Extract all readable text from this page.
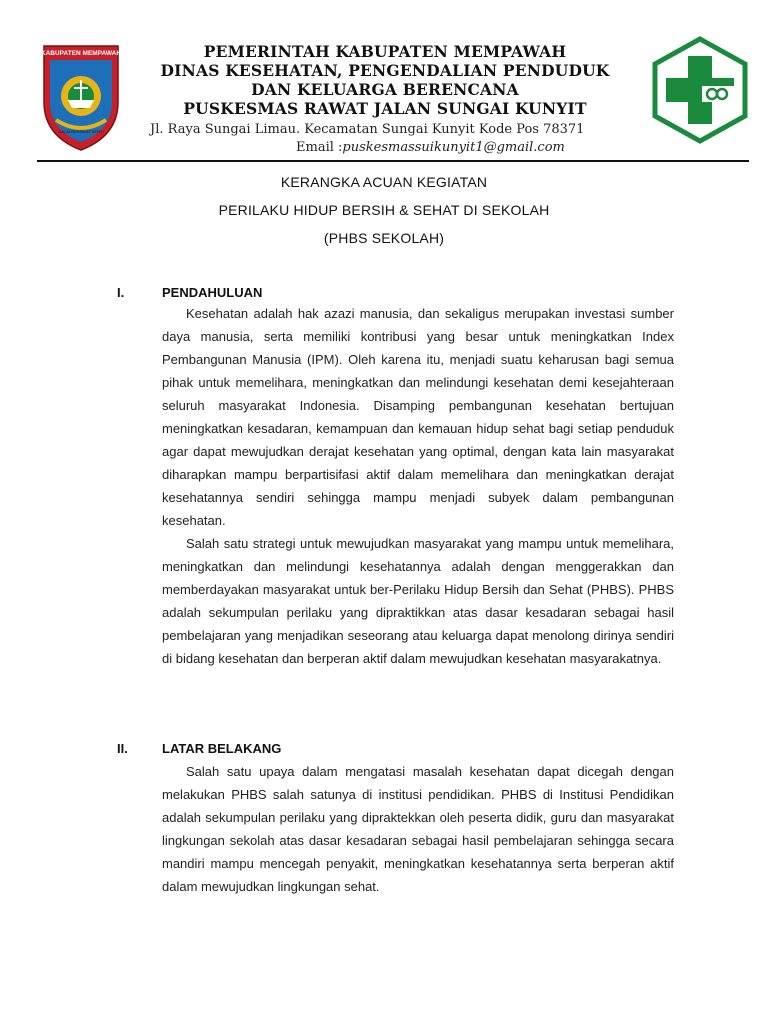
KABUPATEN MEMPAWAH
GALAI BERSIKAT SENYI
PEMERINTAH KABUPATEN MEMPAWAH
DINAS KESEHATAN, PENGENDALIAN PENDUDUK
DAN KELUARGA BERENCANA
PUSKESMAS RAWAT JALAN SUNGAI KUNYIT
Jl. Raya Sungai Limau. Kecamatan Sungai Kunyit Kode Pos 78371
Email :puskesmassuikunyit1@gmail.com
KERANGKA ACUAN KEGIATAN
PERILAKU HIDUP BERSIH & SEHAT DI SEKOLAH
(PHBS SEKOLAH)
I.	PENDAHULUAN

Kesehatan adalah hak azazi manusia, dan sekaligus merupakan investasi sumber daya manusia, serta memiliki kontribusi yang besar untuk meningkatkan Index Pembangunan Manusia (IPM). Oleh karena itu, menjadi suatu keharusan bagi semua pihak untuk memelihara, meningkatkan dan melindungi kesehatan demi kesejahteraan seluruh masyarakat Indonesia. Disamping pembangunan kesehatan bertujuan meningkatkan kesadaran, kemampuan dan kemauan hidup sehat bagi setiap penduduk agar dapat mewujudkan derajat kesehatan yang optimal, dengan kata lain masyarakat diharapkan mampu berpartisifasi aktif dalam memelihara dan meningkatkan derajat kesehatannya sendiri sehingga mampu menjadi subyek dalam pembangunan kesehatan.

Salah satu strategi untuk mewujudkan masyarakat yang mampu untuk memelihara, meningkatkan dan melindungi kesehatannya adalah dengan menggerakkan dan memberdayakan masyarakat untuk ber-Perilaku Hidup Bersih dan Sehat (PHBS). PHBS adalah sekumpulan perilaku yang dipraktikkan atas dasar kesadaran sebagai hasil pembelajaran yang menjadikan seseorang atau keluarga dapat menolong dirinya sendiri di bidang kesehatan dan berperan aktif dalam mewujudkan kesehatan masyarakatnya.

II.	LATAR BELAKANG

Salah satu upaya dalam mengatasi masalah kesehatan dapat dicegah dengan melakukan PHBS salah satunya di institusi pendidikan. PHBS di Institusi Pendidikan adalah sekumpulan perilaku yang dipraktekkan oleh peserta didik, guru dan masyarakat lingkungan sekolah atas dasar kesadaran sebagai hasil pembelajaran sehingga secara mandiri mampu mencegah penyakit, meningkatkan kesehatannya serta berperan aktif dalam mewujudkan lingkungan sehat.
